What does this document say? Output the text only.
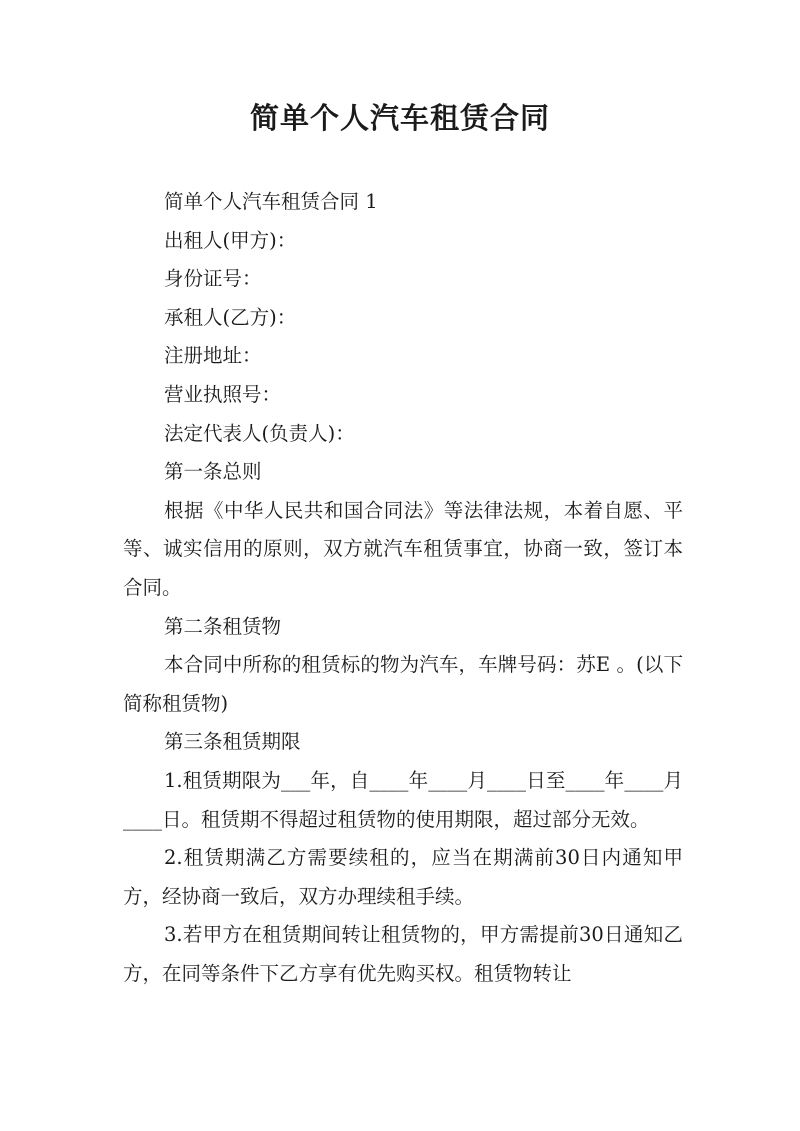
简单个人汽车租赁合同

简单个人汽车租赁合同 1

出租人(甲方)：

身份证号：

承租人(乙方)：

注册地址：

营业执照号：

法定代表人(负责人)：

第一条总则

根据《中华人民共和国合同法》等法律法规，本着自愿、平等、诚实信用的原则，双方就汽车租赁事宜，协商一致，签订本合同。

第二条租赁物

本合同中所称的租赁标的物为汽车，车牌号码：苏E 。(以下简称租赁物)

第三条租赁期限

1.租赁期限为___年，自____年____月____日至____年____月____日。租赁期不得超过租赁物的使用期限，超过部分无效。

2.租赁期满乙方需要续租的，应当在期满前30日内通知甲方，经协商一致后，双方办理续租手续。

3.若甲方在租赁期间转让租赁物的，甲方需提前30日通知乙方，在同等条件下乙方享有优先购买权。租赁物转让
